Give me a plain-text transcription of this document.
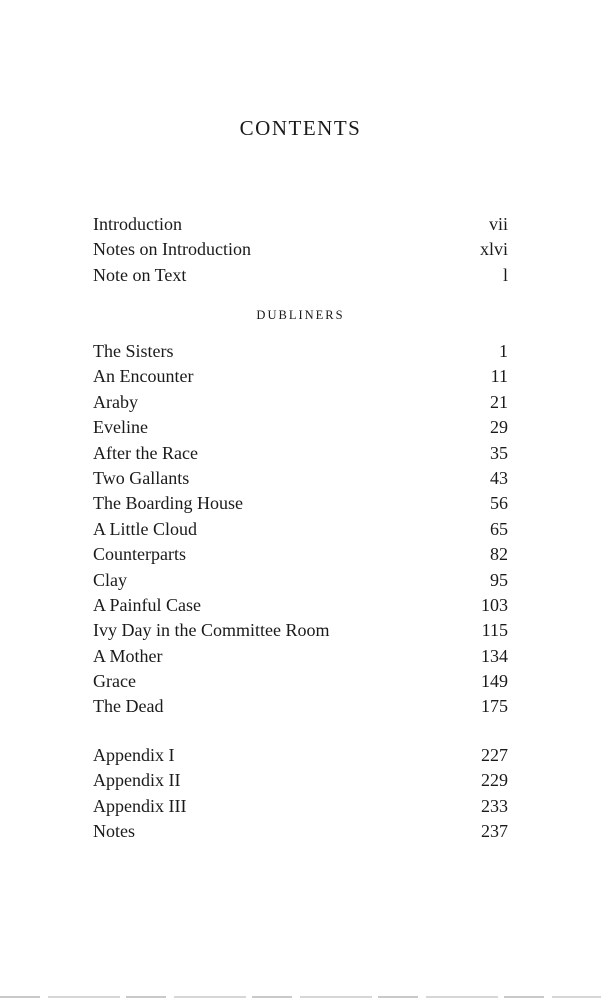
CONTENTS
Introduction	vii
Notes on Introduction	xlvi
Note on Text	l
DUBLINERS
The Sisters	1
An Encounter	11
Araby	21
Eveline	29
After the Race	35
Two Gallants	43
The Boarding House	56
A Little Cloud	65
Counterparts	82
Clay	95
A Painful Case	103
Ivy Day in the Committee Room	115
A Mother	134
Grace	149
The Dead	175
Appendix I	227
Appendix II	229
Appendix III	233
Notes	237
